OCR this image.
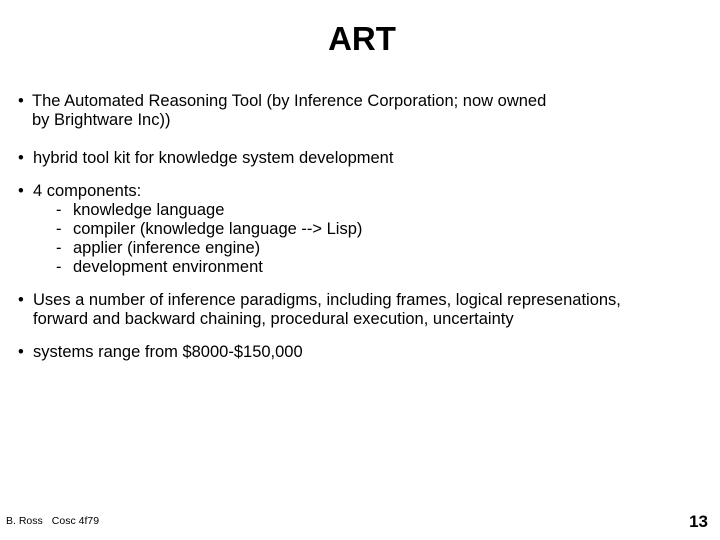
ART
• The Automated Reasoning Tool (by Inference Corporation; now owned
by Brightware Inc))
• hybrid tool kit for knowledge system development
• 4 components:
- knowledge language
- compiler (knowledge language --> Lisp)
- applier (inference engine)
- development environment
• Uses a number of inference paradigms, including frames, logical represenations,
forward and backward chaining, procedural execution, uncertainty
• systems range from $8000-$150,000
B. Ross Cosc 4f79	13
